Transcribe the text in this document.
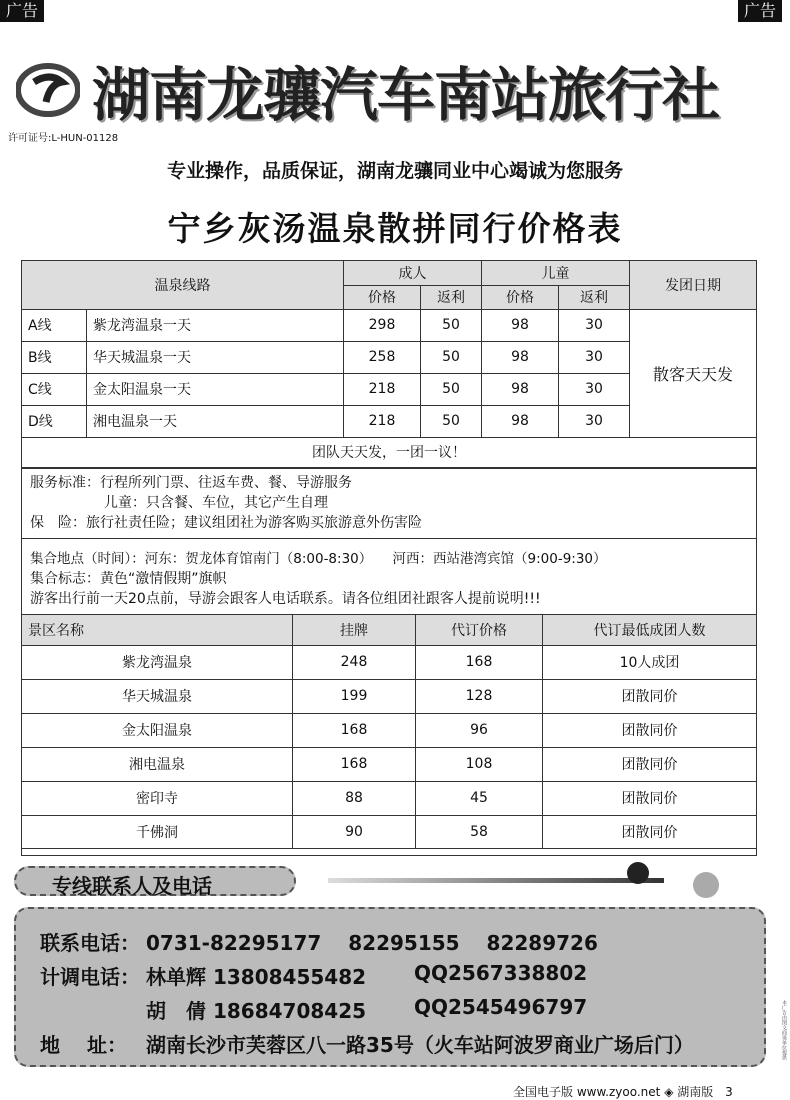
广告	广告
湖南龙骧汽车南站旅行社
许可证号:L-HUN-01128
专业操作，品质保证，湖南龙骧同业中心竭诚为您服务
宁乡灰汤温泉散拼同行价格表
温泉线路		成人		儿童		发团日期
		价格	返利	价格	返利	
A线	紫龙湾温泉一天	298	50	98	30	散客天天发
B线	华天城温泉一天	258	50	98	30	
C线	金太阳温泉一天	218	50	98	30	
D线	湘电温泉一天	218	50	98	30	
团队天天发，一团一议！						
服务标准：行程所列门票、往返车费、餐、导游服务
儿童：只含餐、车位，其它产生自理
保　险：旅行社责任险；建议组团社为游客购买旅游意外伤害险
集合地点（时间）：河东：贺龙体育馆南门（8:00-8:30）　　河西：西站港湾宾馆（9:00-9:30）
集合标志：黄色“激情假期”旗帜
游客出行前一天20点前，导游会跟客人电话联系。请各位组团社跟客人提前说明!!!
景区名称	挂牌	代订价格	代订最低成团人数
紫龙湾温泉	248	168	10人成团
华天城温泉	199	128	团散同价
金太阳温泉	168	96	团散同价
湘电温泉	168	108	团散同价
密印寺	88	45	团散同价
千佛洞	90	58	团散同价
专线联系人及电话
联系电话： 0731-82295177　 82295155　 82289726
计调电话： 林单辉 13808455482 QQ2567338802
胡　倩 18684708425 QQ2545496797
地　 址： 湖南长沙市芙蓉区八一路35号（火车站阿波罗商业广场后门）
全国电子版 www.zyoo.net ◈ 湖南版 3
本广告由图文商谈单位提供
